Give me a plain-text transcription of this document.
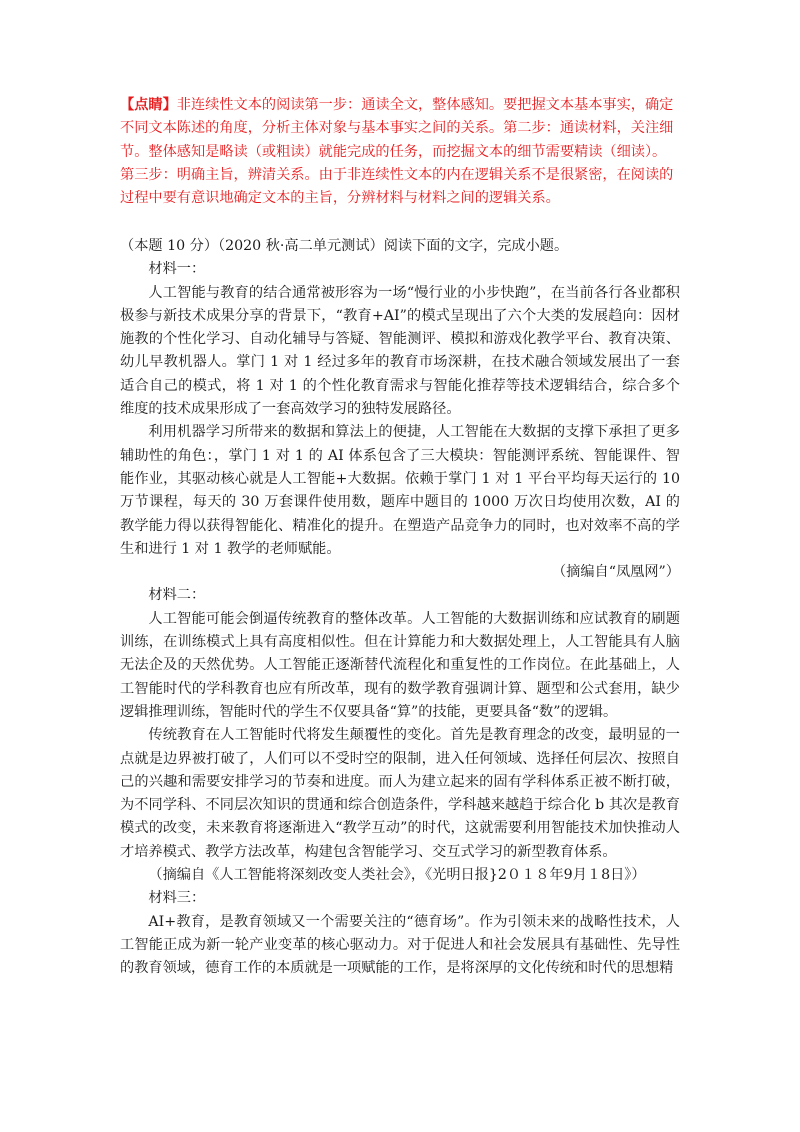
【点睛】非连续性文本的阅读第一步：通读全文，整体感知。要把握文本基本事实，确定不同文本陈述的角度，分析主体对象与基本事实之间的关系。第二步：通读材料，关注细节。整体感知是略读（或粗读）就能完成的任务，而挖掘文本的细节需要精读（细读）。第三步：明确主旨，辨清关系。由于非连续性文本的内在逻辑关系不是很紧密，在阅读的过程中要有意识地确定文本的主旨，分辨材料与材料之间的逻辑关系。

（本题 10 分）（2020 秋·高二单元测试）阅读下面的文字，完成小题。

材料一：

人工智能与教育的结合通常被形容为一场“慢行业的小步快跑”，在当前各行各业都积极参与新技术成果分享的背景下，“教育+AI”的模式呈现出了六个大类的发展趋向：因材施教的个性化学习、自动化辅导与答疑、智能测评、模拟和游戏化教学平台、教育决策、幼儿早教机器人。掌门 1 对 1 经过多年的教育市场深耕，在技术融合领域发展出了一套适合自己的模式，将 1 对 1 的个性化教育需求与智能化推荐等技术逻辑结合，综合多个维度的技术成果形成了一套高效学习的独特发展路径。

利用机器学习所带来的数据和算法上的便捷，人工智能在大数据的支撑下承担了更多辅助性的角色：，掌门 1 对 1 的 AI 体系包含了三大模块：智能测评系统、智能课件、智能作业，其驱动核心就是人工智能+大数据。依赖于掌门 1 对 1 平台平均每天运行的 10 万节课程，每天的 30 万套课件使用数，题库中题目的 1000 万次日均使用次数，AI 的教学能力得以获得智能化、精准化的提升。在塑造产品竞争力的同时，也对效率不高的学生和进行 1 对 1 教学的老师赋能。

（摘编自“凤凰网”）

材料二：

人工智能可能会倒逼传统教育的整体改革。人工智能的大数据训练和应试教育的刷题训练，在训练模式上具有高度相似性。但在计算能力和大数据处理上，人工智能具有人脑无法企及的天然优势。人工智能正逐渐替代流程化和重复性的工作岗位。在此基础上，人工智能时代的学科教育也应有所改革，现有的数学教育强调计算、题型和公式套用，缺少逻辑推理训练，智能时代的学生不仅要具备“算”的技能，更要具备“数”的逻辑。

传统教育在人工智能时代将发生颠覆性的变化。首先是教育理念的改变，最明显的一点就是边界被打破了，人们可以不受时空的限制，进入任何领域、选择任何层次、按照自己的兴趣和需要安排学习的节奏和进度。而人为建立起来的固有学科体系正被不断打破，为不同学科、不同层次知识的贯通和综合创造条件，学科越来越趋于综合化 b 其次是教育模式的改变，未来教育将逐渐进入“教学互动”的时代，这就需要利用智能技术加快推动人才培养模式、教学方法改革，构建包含智能学习、交互式学习的新型教育体系。

（摘编自《人工智能将深刻改变人类社会》，《光明日报}2０１８年9月１8日》）

材料三：

AI+教育，是教育领域又一个需要关注的“德育场”。作为引领未来的战略性技术，人工智能正成为新一轮产业变革的核心驱动力。对于促进人和社会发展具有基础性、先导性的教育领域，德育工作的本质就是一项赋能的工作，是将深厚的文化传统和时代的思想精
